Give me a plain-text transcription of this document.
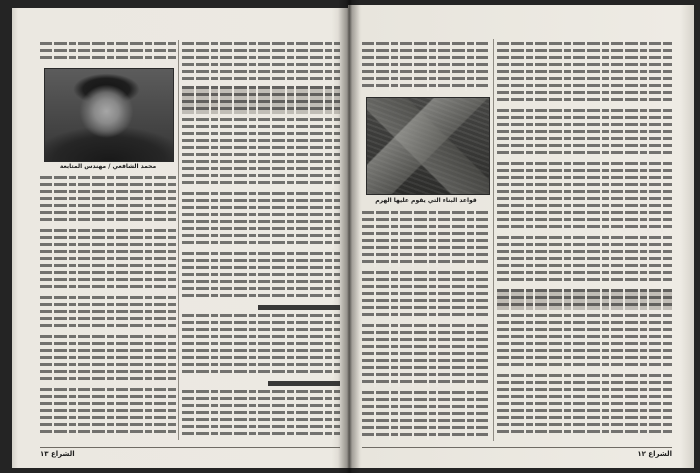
محمد الشافعي / مهندس المتابعة
الشراع ١٣
قواعد البناء التي يقوم عليها الهرم
الشراع ١٢
